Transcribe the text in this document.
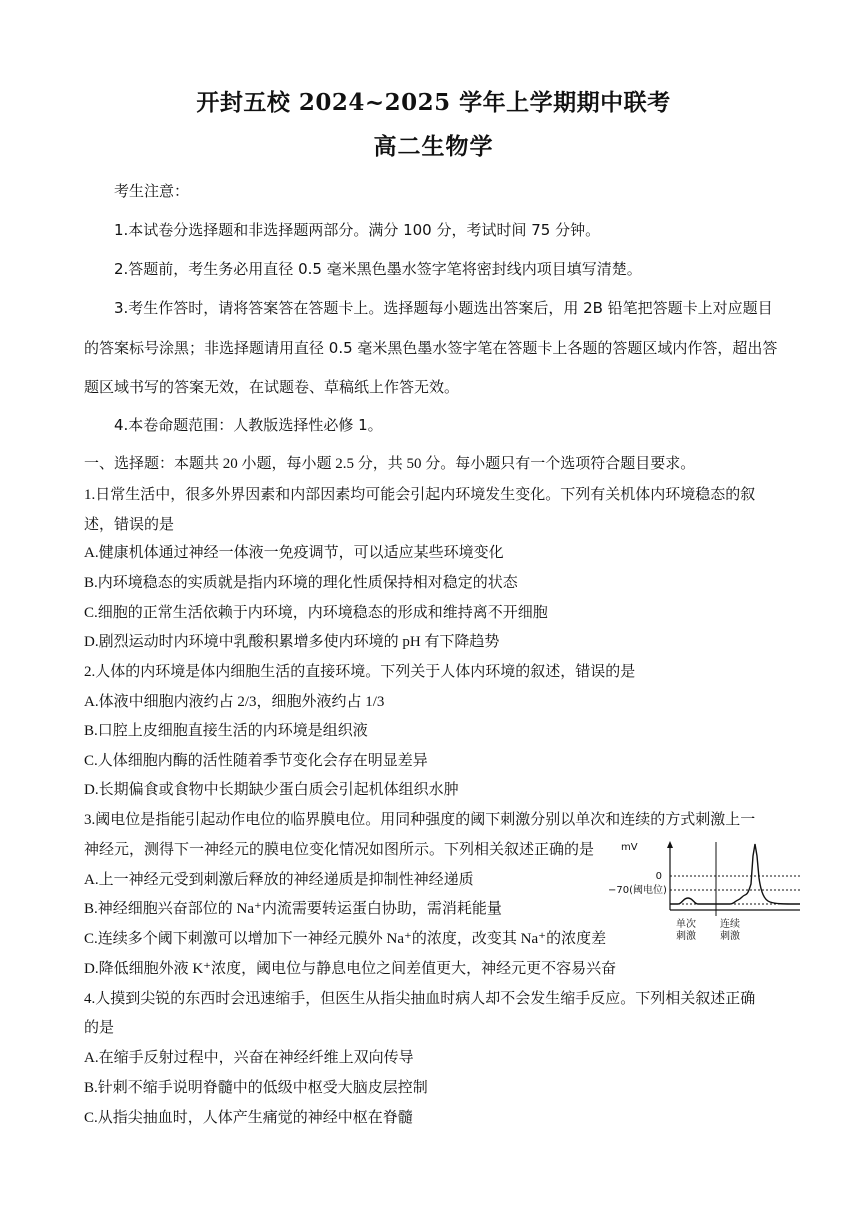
开封五校 2024~2025 学年上学期期中联考
高二生物学
考生注意：
1.本试卷分选择题和非选择题两部分。满分 100 分，考试时间 75 分钟。
2.答题前，考生务必用直径 0.5 毫米黑色墨水签字笔将密封线内项目填写清楚。
3.考生作答时，请将答案答在答题卡上。选择题每小题选出答案后，用 2B 铅笔把答题卡上对应题目
的答案标号涂黑；非选择题请用直径 0.5 毫米黑色墨水签字笔在答题卡上各题的答题区域内作答，超出答
题区域书写的答案无效，在试题卷、草稿纸上作答无效。
4.本卷命题范围：人教版选择性必修 1。
一、选择题：本题共 20 小题，每小题 2.5 分，共 50 分。每小题只有一个选项符合题目要求。
1.日常生活中，很多外界因素和内部因素均可能会引起内环境发生变化。下列有关机体内环境稳态的叙
述，错误的是
A.健康机体通过神经一体液一免疫调节，可以适应某些环境变化
B.内环境稳态的实质就是指内环境的理化性质保持相对稳定的状态
C.细胞的正常生活依赖于内环境，内环境稳态的形成和维持离不开细胞
D.剧烈运动时内环境中乳酸积累增多使内环境的 pH 有下降趋势
2.人体的内环境是体内细胞生活的直接环境。下列关于人体内环境的叙述，错误的是
A.体液中细胞内液约占 2/3，细胞外液约占 1/3
B.口腔上皮细胞直接生活的内环境是组织液
C.人体细胞内酶的活性随着季节变化会存在明显差异
D.长期偏食或食物中长期缺少蛋白质会引起机体组织水肿
3.阈电位是指能引起动作电位的临界膜电位。用同种强度的阈下刺激分别以单次和连续的方式刺激上一
神经元，测得下一神经元的膜电位变化情况如图所示。下列相关叙述正确的是
A.上一神经元受到刺激后释放的神经递质是抑制性神经递质
B.神经细胞兴奋部位的 Na⁺内流需要转运蛋白协助，需消耗能量
C.连续多个阈下刺激可以增加下一神经元膜外 Na⁺的浓度，改变其 Na⁺的浓度差
D.降低细胞外液 K⁺浓度，阈电位与静息电位之间差值更大，神经元更不容易兴奋
mV
0
−70(阈电位)
单次
刺激
连续
刺激
4.人摸到尖锐的东西时会迅速缩手，但医生从指尖抽血时病人却不会发生缩手反应。下列相关叙述正确
的是
A.在缩手反射过程中，兴奋在神经纤维上双向传导
B.针刺不缩手说明脊髓中的低级中枢受大脑皮层控制
C.从指尖抽血时，人体产生痛觉的神经中枢在脊髓
